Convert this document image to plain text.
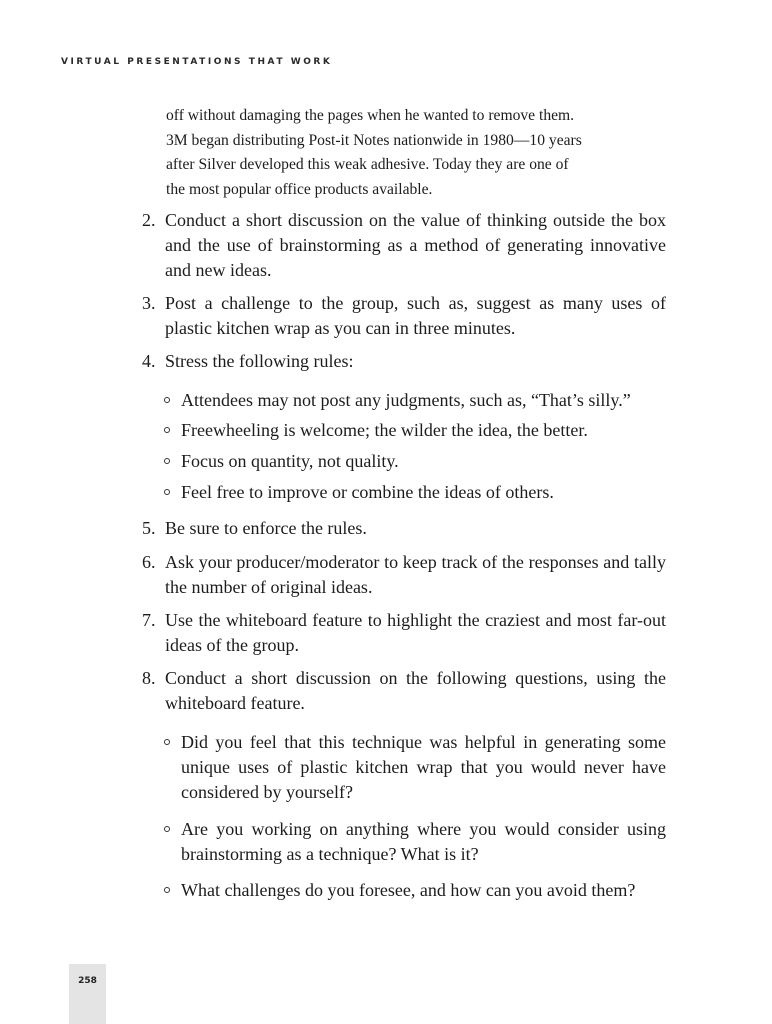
VIRTUAL PRESENTATIONS THAT WORK

off without damaging the pages when he wanted to remove them.
3M began distributing Post-it Notes nationwide in 1980—10 years
after Silver developed this weak adhesive. Today they are one of
the most popular office products available.

2. Conduct a short discussion on the value of thinking outside the box and the use of brainstorming as a method of generating innovative and new ideas.
3. Post a challenge to the group, such as, suggest as many uses of plastic kitchen wrap as you can in three minutes.
4. Stress the following rules:
Attendees may not post any judgments, such as, “That’s silly.”
Freewheeling is welcome; the wilder the idea, the better.
Focus on quantity, not quality.
Feel free to improve or combine the ideas of others.
5. Be sure to enforce the rules.
6. Ask your producer/moderator to keep track of the responses and tally the number of original ideas.
7. Use the whiteboard feature to highlight the craziest and most far-out ideas of the group.
8. Conduct a short discussion on the following questions, using the whiteboard feature.
Did you feel that this technique was helpful in generating some unique uses of plastic kitchen wrap that you would never have considered by yourself?
Are you working on anything where you would consider using brainstorming as a technique? What is it?
What challenges do you foresee, and how can you avoid them?
258
